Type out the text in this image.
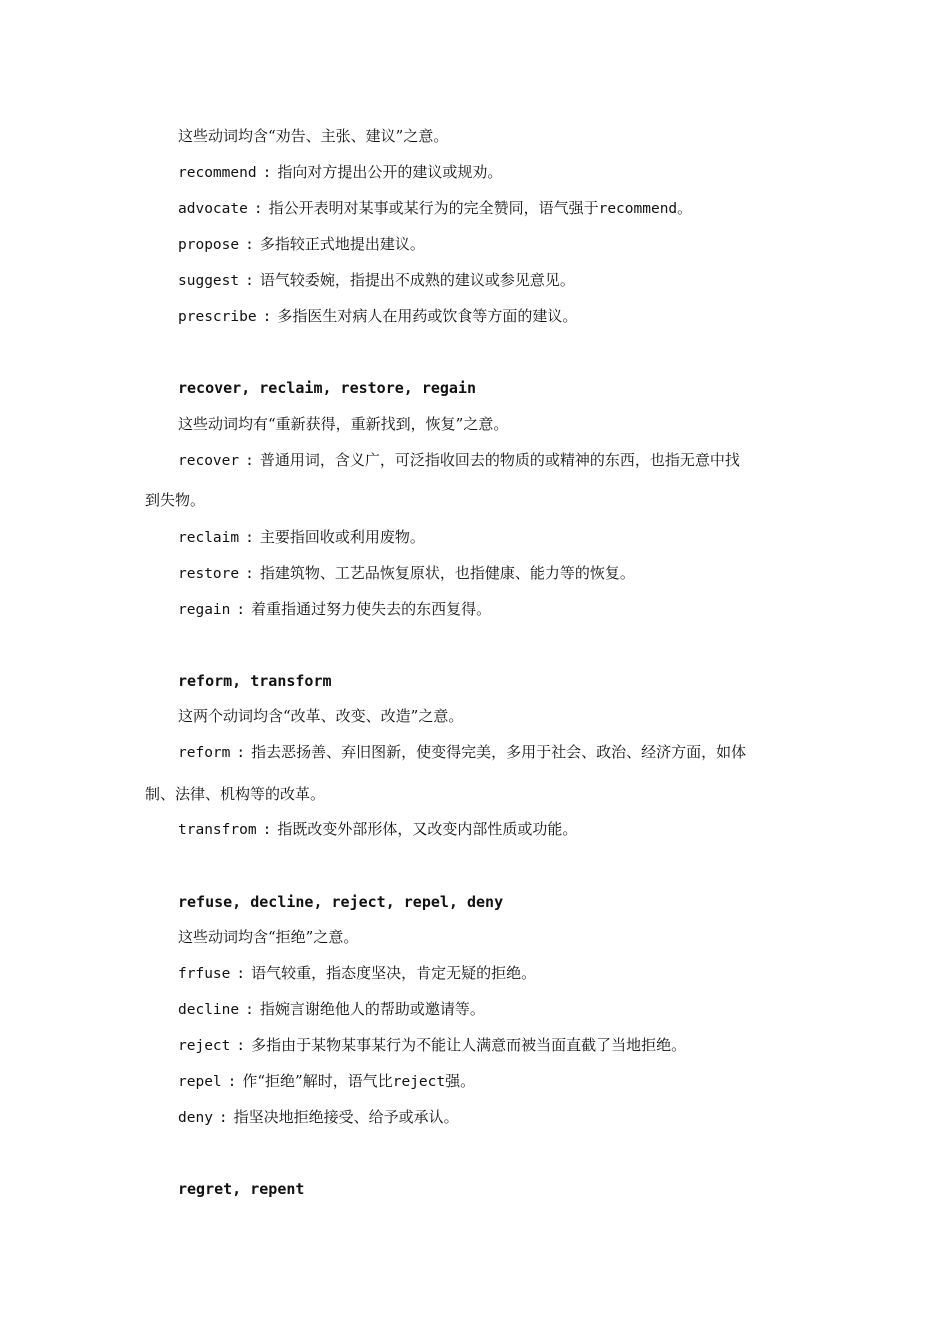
这些动词均含“劝告、主张、建议”之意。
recommend : 指向对方提出公开的建议或规劝。
advocate : 指公开表明对某事或某行为的完全赞同，语气强于recommend。
propose : 多指较正式地提出建议。
suggest : 语气较委婉，指提出不成熟的建议或参见意见。
prescribe : 多指医生对病人在用药或饮食等方面的建议。
recover, reclaim, restore, regain
这些动词均有“重新获得，重新找到，恢复”之意。
recover : 普通用词，含义广，可泛指收回去的物质的或精神的东西，也指无意中找
到失物。
reclaim : 主要指回收或利用废物。
restore : 指建筑物、工艺品恢复原状，也指健康、能力等的恢复。
regain : 着重指通过努力使失去的东西复得。
reform, transform
这两个动词均含“改革、改变、改造”之意。
reform : 指去恶扬善、弃旧图新，使变得完美，多用于社会、政治、经济方面，如体
制、法律、机构等的改革。
transfrom : 指既改变外部形体，又改变内部性质或功能。
refuse, decline, reject, repel, deny
这些动词均含“拒绝”之意。
frfuse : 语气较重，指态度坚决，肯定无疑的拒绝。
decline : 指婉言谢绝他人的帮助或邀请等。
reject : 多指由于某物某事某行为不能让人满意而被当面直截了当地拒绝。
repel : 作“拒绝”解时，语气比reject强。
deny : 指坚决地拒绝接受、给予或承认。
regret, repent
